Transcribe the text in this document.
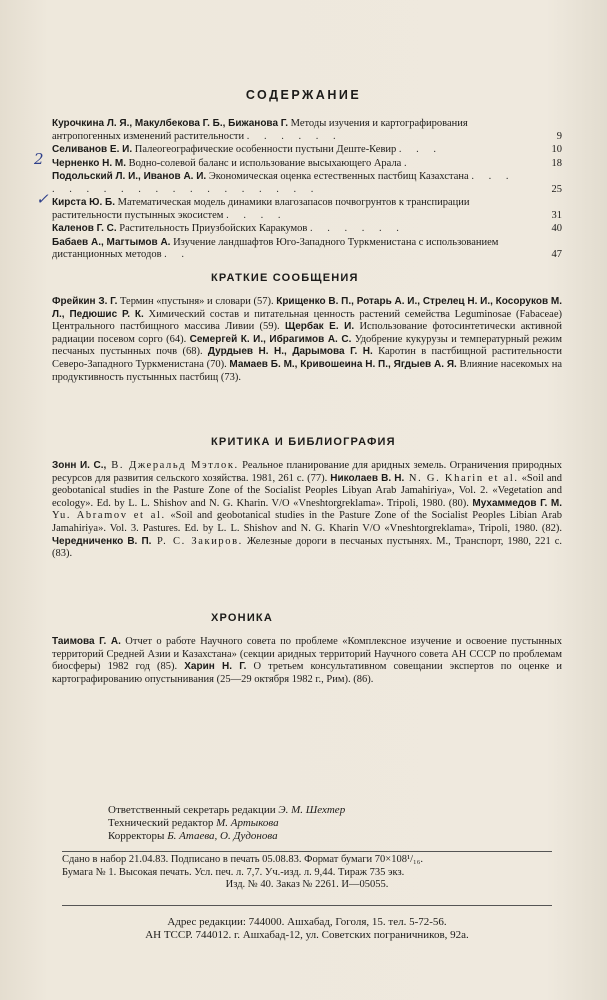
СОДЕРЖАНИЕ
Курочкина Л. Я., Макулбекова Г. Б., Бижанова Г. Методы изучения и картографирования антропогенных изменений растительности . . . . . .	9
Селиванов Е. И. Палеогеографические особенности пустыни Деште-Кевир . . .	10
Черненко Н. М. Водно-солевой баланс и использование высыхающего Арала .	18
Подольский Л. И., Иванов А. И. Экономическая оценка естественных пастбищ Казахстана . . . . . . . . . . . . . . . . . . .	25
Кирста Ю. Б. Математическая модель динамики влагозапасов почвогрунтов к транспирации растительности пустынных экосистем . . . .	31
Каленов Г. С. Растительность Приузбойских Каракумов . . . . . .	40
Бабаев А., Магтымов А. Изучение ландшафтов Юго-Западного Туркменистана с использованием дистанционных методов . .	47
КРАТКИЕ СООБЩЕНИЯ
Фрейкин З. Г. Термин «пустыня» и словари (57). Крищенко В. П., Ротарь А. И., Стрелец Н. И., Косоруков М. Л., Педюшис Р. К. Химический состав и питательная ценность растений семейства Leguminosae (Fabaceae) Центрального пастбищного массива Ливии (59). Щербак Е. И. Использование фотосинтетически активной радиации посевом сорго (64). Семергей К. И., Ибрагимов А. С. Удобрение кукурузы и температурный режим песчаных пустынных почв (68). Дурдыев Н. Н., Дарымова Г. Н. Каротин в пастбищной растительности Северо-Западного Туркменистана (70). Мамаев Б. М., Кривошеина Н. П., Ягдыев А. Я. Влияние насекомых на продуктивность пустынных пастбищ (73).
КРИТИКА И БИБЛИОГРАФИЯ
Зонн И. С., В. Джеральд Мэтлок. Реальное планирование для аридных земель. Ограничения природных ресурсов для развития сельского хозяйства. 1981, 261 с. (77). Николаев В. Н. N. G. Kharin et al. «Soil and geobotanical studies in the Pasture Zone of the Socialist Peoples Libyan Arab Jamahiriya», Vol. 2. «Vegetation and ecology». Ed. by L. L. Shishov and N. G. Kharin. V/O «Vneshtorgreklama». Tripoli, 1980. (80). Мухаммедов Г. М. Yu. Abramov et al. «Soil and geobotanical studies in the Pasture Zone of the Socialist Peoples Libian Arab Jamahiriya». Vol. 3. Pastures. Ed. by L. L. Shishov and N. G. Kharin V/O «Vneshtorgreklama», Tripoli, 1980. (82). Чередниченко В. П. Р. С. Закиров. Железные дороги в песчаных пустынях. М., Транспорт, 1980, 221 с. (83).
ХРОНИКА
Таимова Г. А. Отчет о работе Научного совета по проблеме «Комплексное изучение и освоение пустынных территорий Средней Азии и Казахстана» (секции аридных территорий Научного совета АН СССР по проблемам биосферы) 1982 год (85). Харин Н. Г. О третьем консультативном совещании экспертов по оценке и картографированию опустынивания (25—29 октября 1982 г., Рим). (86).
Ответственный секретарь редакции Э. М. Шехтер
Технический редактор М. Артыкова
Корректоры Б. Атаева, О. Дудонова
Сдано в набор 21.04.83. Подписано в печать 05.08.83. Формат бумаги 70×108¹/₁₆.
Бумага № 1. Высокая печать. Усл. печ. л. 7,7. Уч.-изд. л. 9,44. Тираж 735 экз.
Изд. № 40. Заказ № 2261. И—05055.
Адрес редакции: 744000. Ашхабад, Гоголя, 15. тел. 5-72-56.
АН ТССР. 744012. г. Ашхабад-12, ул. Советских пограничников, 92а.
2
✓
